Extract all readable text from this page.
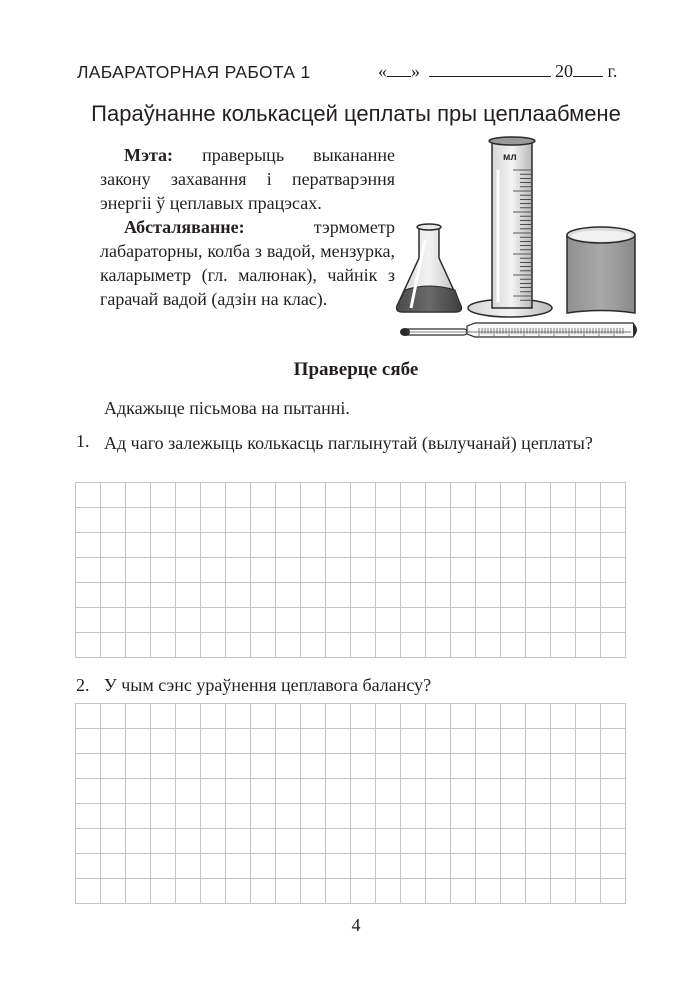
ЛАБАРАТОРНАЯ РАБОТА 1	« »	20 г.
Параўнанне колькасцей цеплаты пры цеплаабмене

Мэта: праверыць выкананне закону захавання і ператварэння энергіі ў цеплавых працэсах.

Абсталяванне: тэрмометр лабараторны, колба з вадой, мензурка, каларыметр (гл. малюнак), чайнік з гарачай вадой (адзін на клас).

мл
Праверце сябе
Адкажыце пісьмова на пытанні.
1. Ад чаго залежыць колькасць паглынутай (вылучанай) цеплаты?

2. У чым сэнс ураўнення цеплавога балансу?

4
